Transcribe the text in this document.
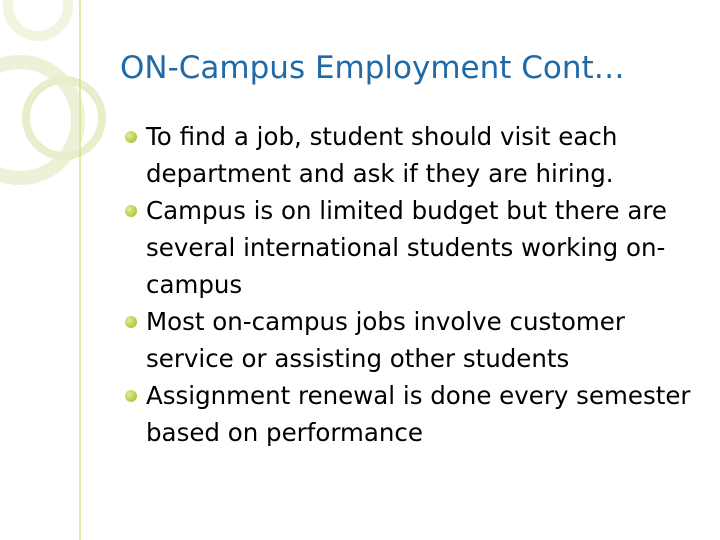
ON-Campus Employment Cont…
To find a job, student should visit each department and ask if they are hiring.
Campus is on limited budget but there are several international students working on-campus
Most on-campus jobs involve customer service or assisting other students
Assignment renewal is done every semester based on performance
